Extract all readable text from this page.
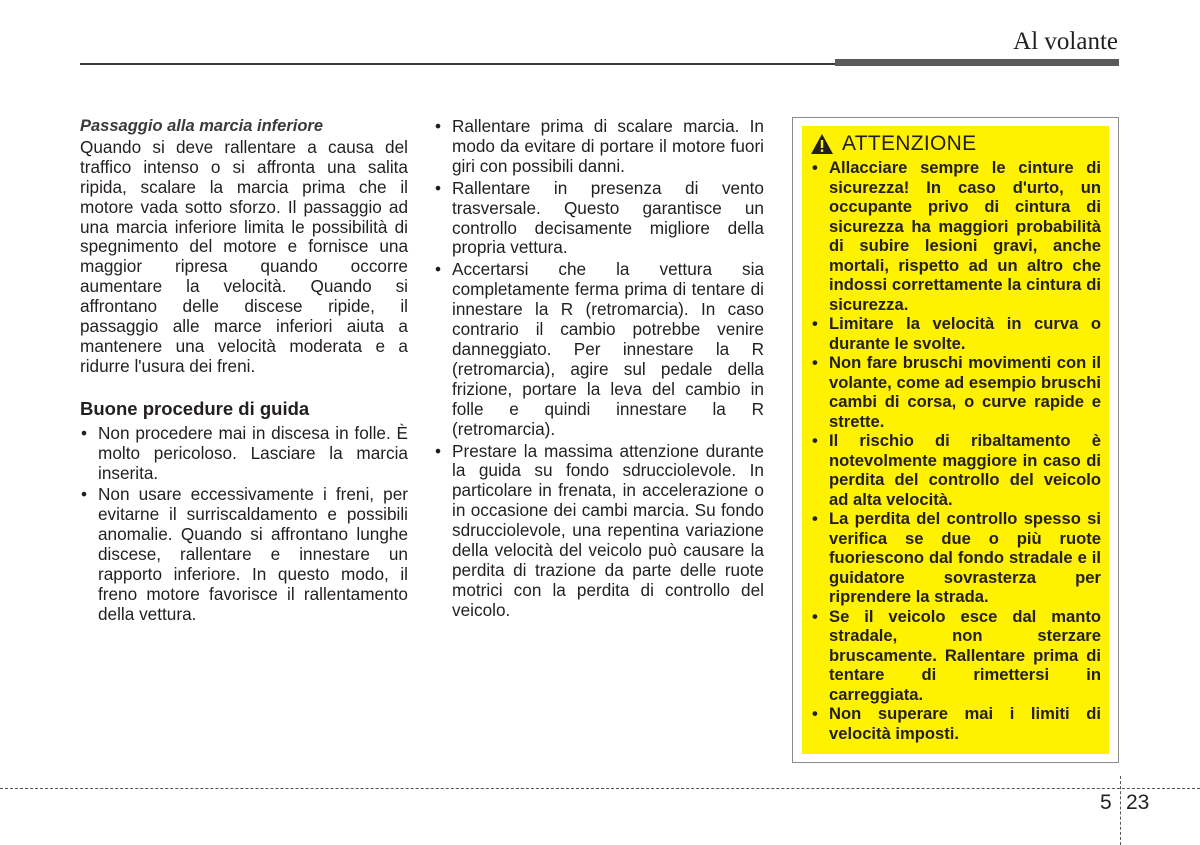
Al volante

Passaggio alla marcia inferiore

Quando si deve rallentare a causa del traffico intenso o si affronta una salita ripida, scalare la marcia prima che il motore vada sotto sforzo. Il passaggio ad una marcia inferiore limita le possibilità di spegnimento del motore e fornisce una maggior ripresa quando occorre aumentare la velocità. Quando si affrontano delle discese ripide, il passaggio alle marce inferiori aiuta a mantenere una velocità moderata e a ridurre l'usura dei freni.

Buone procedure di guida
• Non procedere mai in discesa in folle. È molto pericoloso. Lasciare la marcia inserita.
• Non usare eccessivamente i freni, per evitarne il surriscaldamento e possibili anomalie. Quando si affrontano lunghe discese, rallentare e innestare un rapporto inferiore. In questo modo, il freno motore favorisce il rallentamento della vettura.
• Rallentare prima di scalare marcia. In modo da evitare di portare il motore fuori giri con possibili danni.
• Rallentare in presenza di vento trasversale. Questo garantisce un controllo decisamente migliore della propria vettura.
• Accertarsi che la vettura sia completamente ferma prima di tentare di innestare la R (retromarcia). In caso contrario il cambio potrebbe venire danneggiato. Per innestare la R (retromarcia), agire sul pedale della frizione, portare la leva del cambio in folle e quindi innestare la R (retromarcia).
• Prestare la massima attenzione durante la guida su fondo sdrucciolevole. In particolare in frenata, in accelerazione o in occasione dei cambi marcia. Su fondo sdrucciolevole, una repentina variazione della velocità del veicolo può causare la perdita di trazione da parte delle ruote motrici con la perdita di controllo del veicolo.
ATTENZIONE
• Allacciare sempre le cinture di sicurezza! In caso d'urto, un occupante privo di cintura di sicurezza ha maggiori probabilità di subire lesioni gravi, anche mortali, rispetto ad un altro che indossi correttamente la cintura di sicurezza.
• Limitare la velocità in curva o durante le svolte.
• Non fare bruschi movimenti con il volante, come ad esempio bruschi cambi di corsa, o curve rapide e strette.
• Il rischio di ribaltamento è notevolmente maggiore in caso di perdita del controllo del veicolo ad alta velocità.
• La perdita del controllo spesso si verifica se due o più ruote fuoriescono dal fondo stradale e il guidatore sovrasterza per riprendere la strada.
• Se il veicolo esce dal manto stradale, non sterzare bruscamente. Rallentare prima di tentare di rimettersi in carreggiata.
• Non superare mai i limiti di velocità imposti.
5 23
